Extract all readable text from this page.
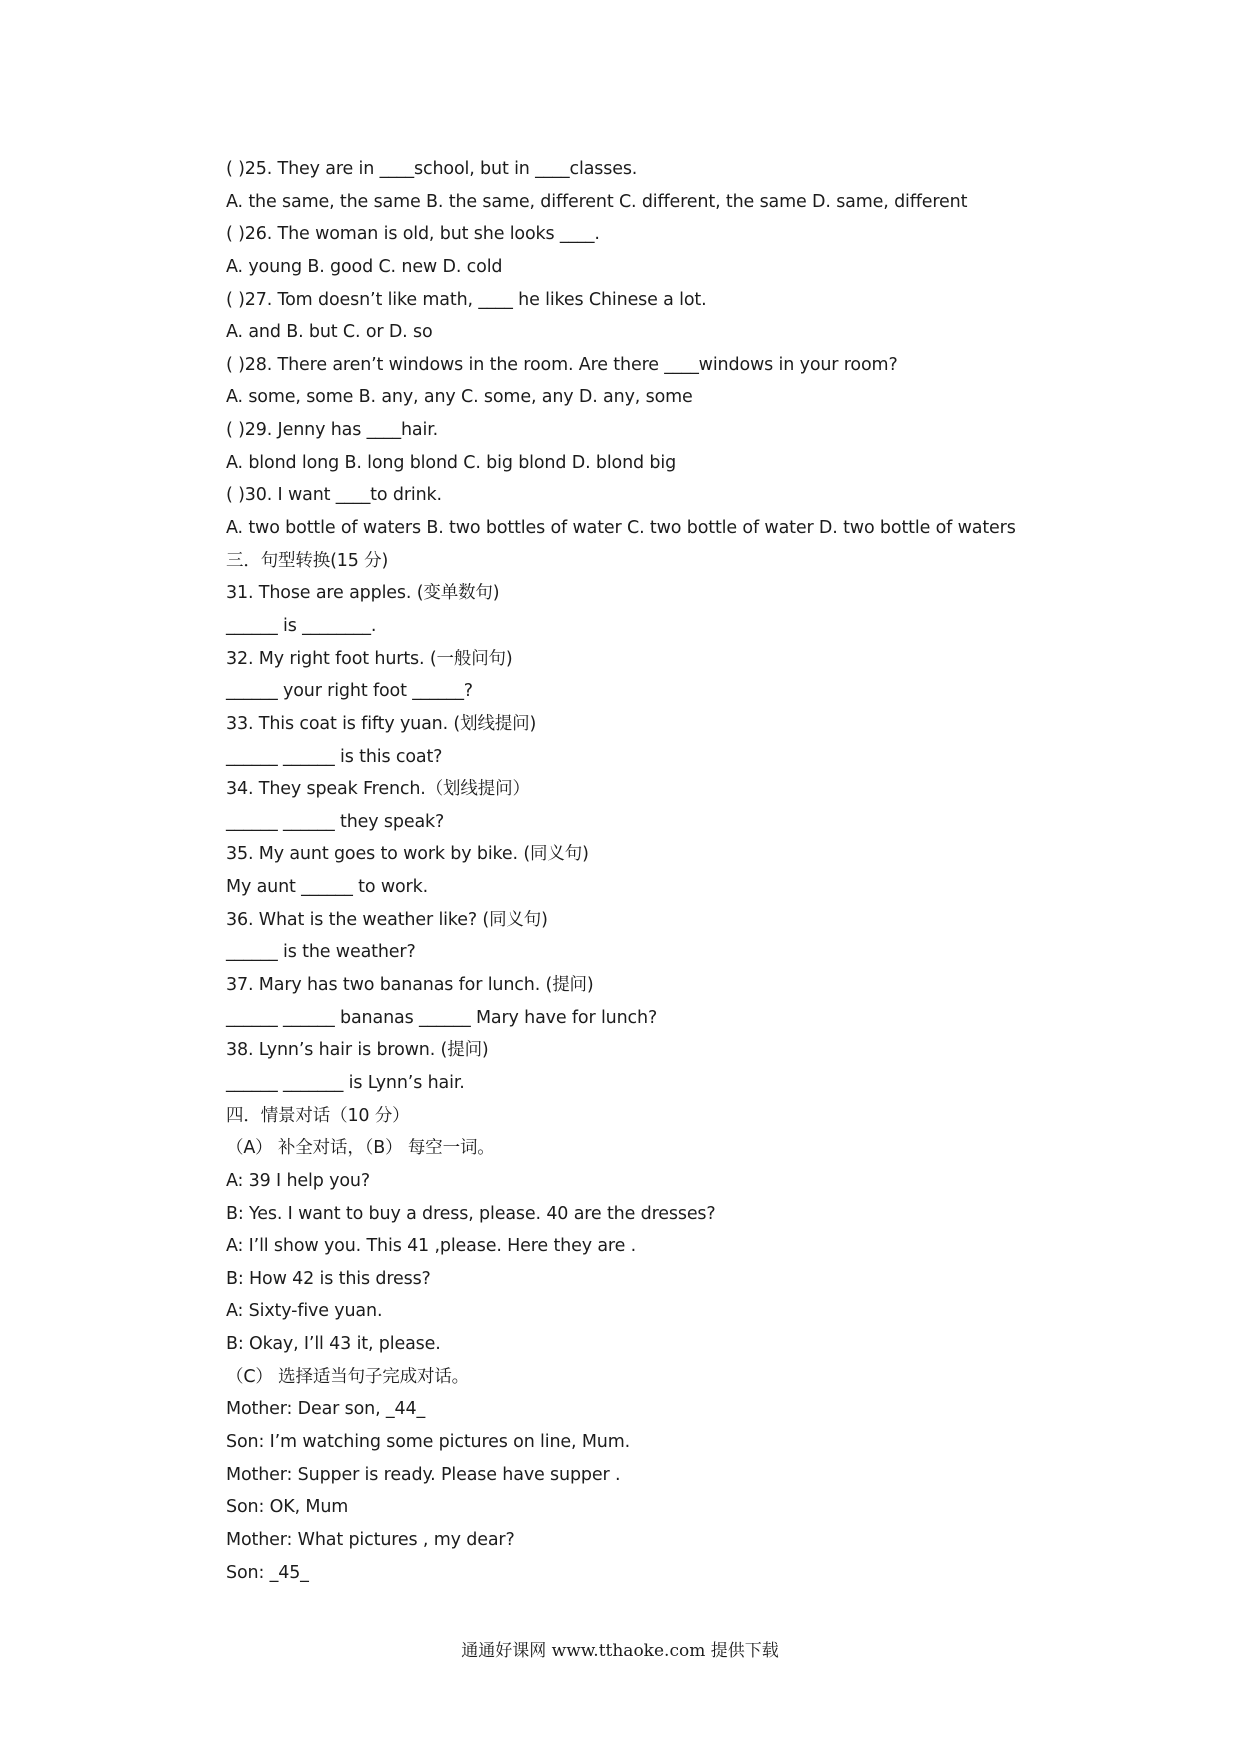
( )25. They are in ____school, but in ____classes.
A. the same, the same B. the same, different C. different, the same D. same, different
( )26. The woman is old, but she looks ____.
A. young B. good C. new D. cold
( )27. Tom doesn’t like math, ____ he likes Chinese a lot.
A. and B. but C. or D. so
( )28. There aren’t windows in the room. Are there ____windows in your room?
A. some, some B. any, any C. some, any D. any, some
( )29. Jenny has ____hair.
A. blond long B. long blond C. big blond D. blond big
( )30. I want ____to drink.
A. two bottle of waters B. two bottles of water C. two bottle of water D. two bottle of waters
三．句型转换(15 分)
31. Those are apples. (变单数句)
______ is ________.
32. My right foot hurts. (一般问句)
______ your right foot ______?
33. This coat is fifty yuan. (划线提问)
______ ______ is this coat?
34. They speak French.（划线提问）
______ ______ they speak?
35. My aunt goes to work by bike. (同义句)
My aunt ______ to work.
36. What is the weather like? (同义句)
______ is the weather?
37. Mary has two bananas for lunch. (提问)
______ ______ bananas ______ Mary have for lunch?
38. Lynn’s hair is brown. (提问)
______ _______ is Lynn’s hair.
四．情景对话（10 分）
（A） 补全对话，（B） 每空一词。
A: 39 I help you?
B: Yes. I want to buy a dress, please. 40 are the dresses?
A: I’ll show you. This 41 ,please. Here they are .
B: How 42 is this dress?
A: Sixty-five yuan.
B: Okay, I’ll 43 it, please.
（C） 选择适当句子完成对话。
Mother: Dear son, _44_
Son: I’m watching some pictures on line, Mum.
Mother: Supper is ready. Please have supper .
Son: OK, Mum
Mother: What pictures , my dear?
Son: _45_
通通好课网 www.tthaoke.com 提供下载
